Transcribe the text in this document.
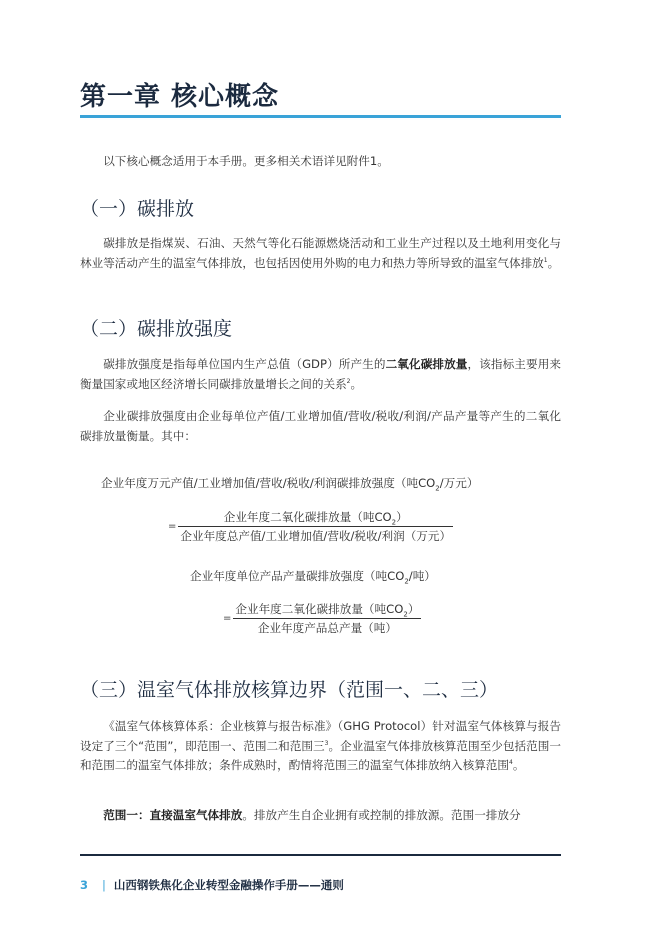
第一章 核心概念
以下核心概念适用于本手册。更多相关术语详见附件1。
（一）碳排放
碳排放是指煤炭、石油、天然气等化石能源燃烧活动和工业生产过程以及土地利用变化与林业等活动产生的温室气体排放，也包括因使用外购的电力和热力等所导致的温室气体排放$^1$。
（二）碳排放强度
碳排放强度是指每单位国内生产总值（GDP）所产生的二氧化碳排放量，该指标主要用来衡量国家或地区经济增长同碳排放量增长之间的关系$^2$。
企业碳排放强度由企业每单位产值/工业增加值/营收/税收/利润/产品产量等产生的二氧化碳排放量衡量。其中：
企业年度万元产值/工业增加值/营收/税收/利润碳排放强度（吨$CO_2/$万元）
= $\frac{企业年度二氧化碳排放量(吨CO_2)}{\text{企业年度总产值/工业增加值/营收/税收/利润（万元）}}$
企业年度单位产品产量碳排放强度（吨$CO_2/$吨）
= $\frac{企业年度二氧化碳排放量(吨CO_2)}{\text{企业年度产品总产量（吨）}}$
（三）温室气体排放核算边界（范围一、二、三）
《温室气体核算体系：企业核算与报告标准》（GHG Protocol）针对温室气体核算与报告设定了三个“范围”，即范围一、范围二和范围三$^3$。企业温室气体排放核算范围至少包括范围一和范围二的温室气体排放；条件成熟时，酌情将范围三的温室气体排放纳入核算范围$^4$。
范围一：直接温室气体排放。排放产生自企业拥有或控制的排放源。范围一排放分
3 | 山西钢铁焦化企业转型金融操作手册——通则
